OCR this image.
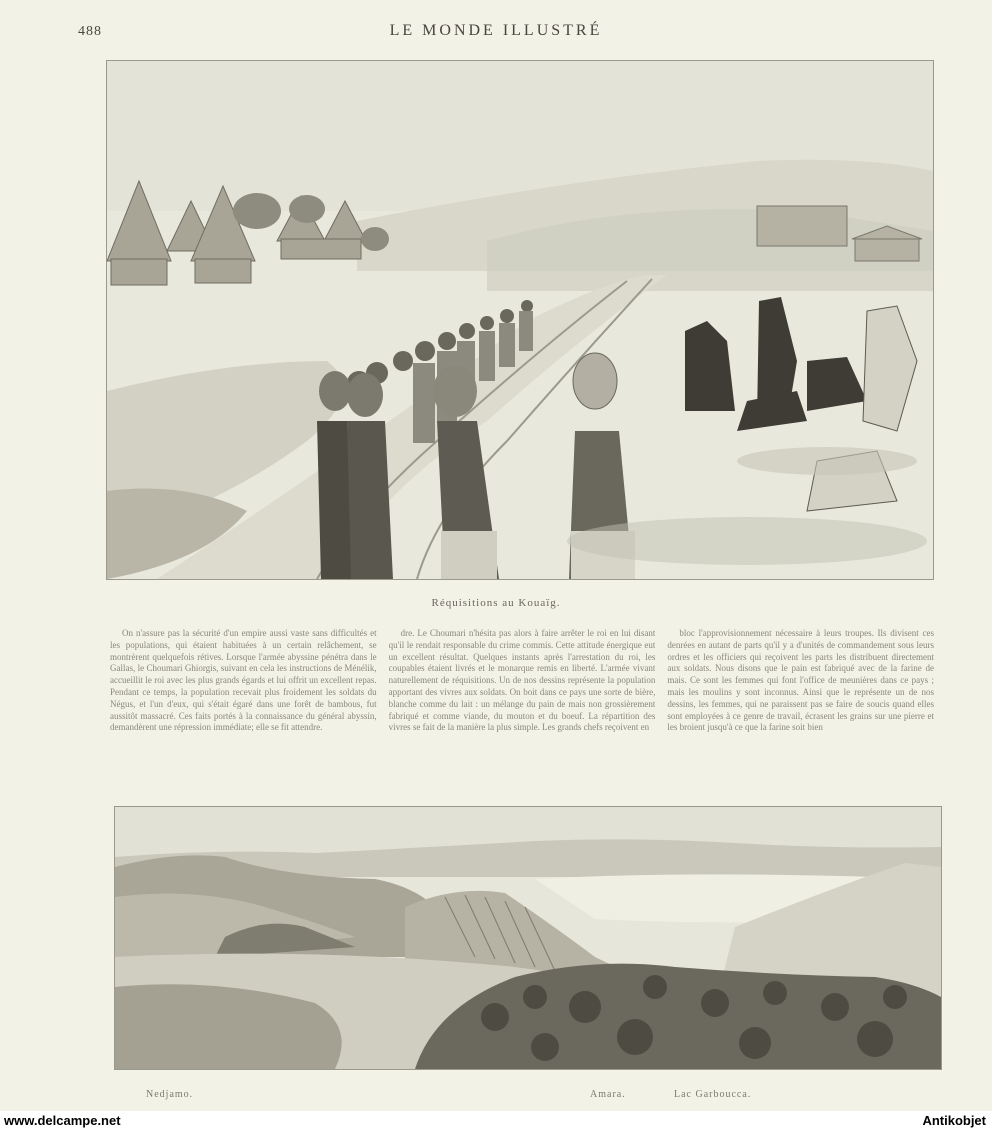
488	LE MONDE ILLUSTRÉ
Réquisitions au Kouaïg.

On n'assure pas la sécurité d'un empire aussi vaste sans difficultés et les populations, qui étaient habituées à un certain relâchement, se montrèrent quelquefois rétives. Lorsque l'armée abyssine pénétra dans le Gallas, le Choumari Ghiorgis, suivant en cela les instructions de Ménélik, accueillit le roi avec les plus grands égards et lui offrit un excellent repas. Pendant ce temps, la population recevait plus froidement les soldats du Négus, et l'un d'eux, qui s'était égaré dans une forêt de bambous, fut aussitôt massacré. Ces faits portés à la connaissance du général abyssin, demandèrent une répression immédiate; elle se fit attendre.

dre. Le Choumari n'hésita pas alors à faire arrêter le roi en lui disant qu'il le rendait responsable du crime commis. Cette attitude énergique eut un excellent résultat. Quelques instants après l'arrestation du roi, les coupables étaient livrés et le monarque remis en liberté. L'armée vivant naturellement de réquisitions. Un de nos dessins représente la population apportant des vivres aux soldats. On boit dans ce pays une sorte de bière, blanche comme du lait : un mélange du pain de mais non grossièrement fabriqué et comme viande, du mouton et du boeuf. La répartition des vivres se fait de la manière la plus simple. Les grands chefs reçoivent en

bloc l'approvisionnement nécessaire à leurs troupes. Ils divisent ces denrées en autant de parts qu'il y a d'unités de commandement sous leurs ordres et les officiers qui reçoivent les parts les distribuent directement aux soldats. Nous disons que le pain est fabriqué avec de la farine de mais. Ce sont les femmes qui font l'office de meunières dans ce pays ; mais les moulins y sont inconnus. Ainsi que le représente un de nos dessins, les femmes, qui ne paraissent pas se faire de soucis quand elles sont employées à ce genre de travail, écrasent les grains sur une pierre et les broient jusqu'à ce que la farine soit bien

Nedjamo.	Amara.	Lac Garboucca.
www.delcampe.net	Antikobjet
